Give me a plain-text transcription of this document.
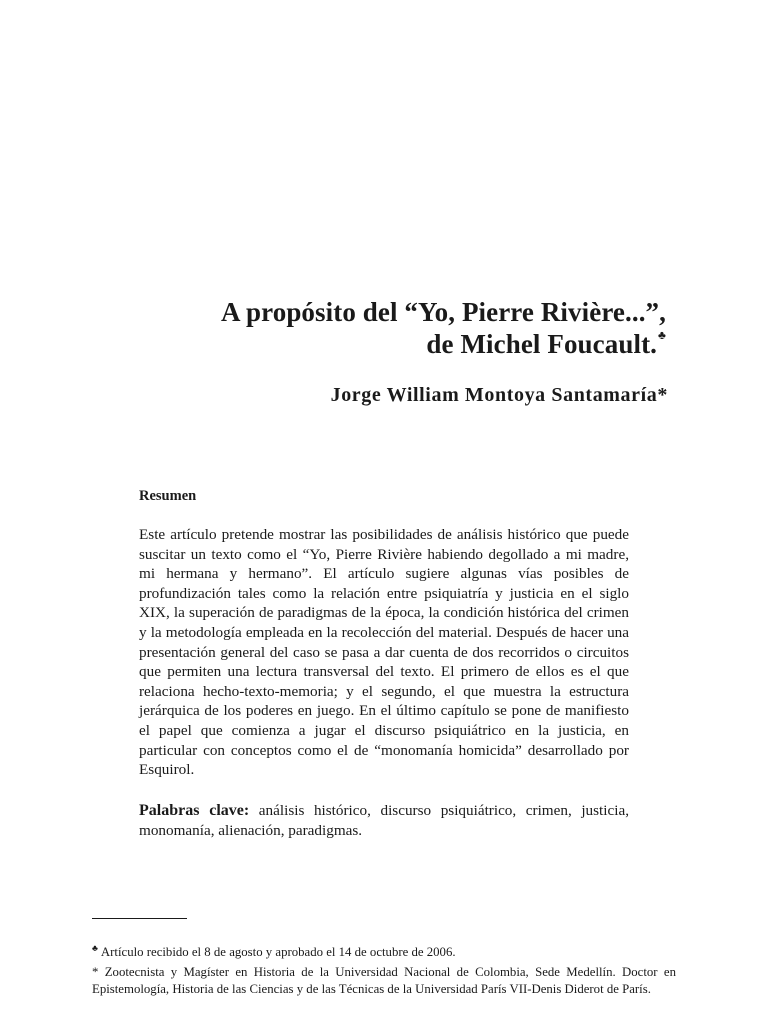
A propósito del “Yo, Pierre Rivière...”,
de Michel Foucault.♣
Jorge William Montoya Santamaría*
Resumen

Este artículo pretende mostrar las posibilidades de análisis histórico que puede suscitar un texto como el “Yo, Pierre Rivière habiendo degollado a mi madre, mi hermana y hermano”. El artículo sugiere algunas vías posibles de profundización tales como la relación entre psiquiatría y justicia en el siglo XIX, la superación de paradigmas de la época, la condición histórica del crimen y la metodología empleada en la recolección del material. Después de hacer una presentación general del caso se pasa a dar cuenta de dos recorridos o circuitos que permiten una lectura transversal del texto. El primero de ellos es el que relaciona hecho-texto-memoria; y el segundo, el que muestra la estructura jerárquica de los poderes en juego. En el último capítulo se pone de manifiesto el papel que comienza a jugar el discurso psiquiátrico en la justicia, en particular con conceptos como el de “monomanía homicida” desarrollado por Esquirol.

Palabras clave: análisis histórico, discurso psiquiátrico, crimen, justicia, monomanía, alienación, paradigmas.

♣ Artículo recibido el 8 de agosto y aprobado el 14 de octubre de 2006.

* Zootecnista y Magíster en Historia de la Universidad Nacional de Colombia, Sede Medellín. Doctor en Epistemología, Historia de las Ciencias y de las Técnicas de la Universidad París VII-Denis Diderot de París.
